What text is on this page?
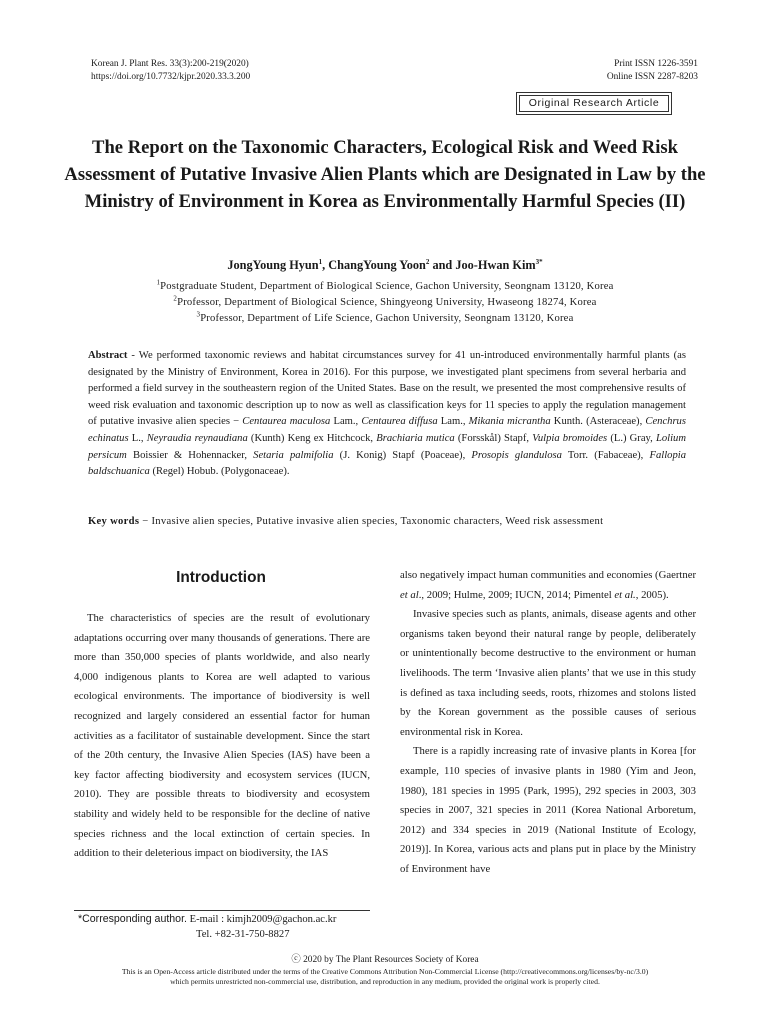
Korean J. Plant Res. 33(3):200-219(2020)
https://doi.org/10.7732/kjpr.2020.33.3.200
Print ISSN 1226-3591
Online ISSN 2287-8203
Original Research Article
The Report on the Taxonomic Characters, Ecological Risk and Weed Risk Assessment of Putative Invasive Alien Plants which are Designated in Law by the Ministry of Environment in Korea as Environmentally Harmful Species (II)
JongYoung Hyun$^1$, ChangYoung Yoon$^2$ and Joo-Hwan Kim$^{3*}$
$^1$Postgraduate Student, Department of Biological Science, Gachon University, Seongnam 13120, Korea
$^2$Professor, Department of Biological Science, Shingyeong University, Hwaseong 18274, Korea
$^3$Professor, Department of Life Science, Gachon University, Seongnam 13120, Korea
Abstract - We performed taxonomic reviews and habitat circumstances survey for 41 un-introduced environmentally harmful plants (as designated by the Ministry of Environment, Korea in 2016). For this purpose, we investigated plant specimens from several herbaria and performed a field survey in the southeastern region of the United States. Base on the result, we presented the most comprehensive results of weed risk evaluation and taxonomic description up to now as well as classification keys for 11 species to apply the regulation management of putative invasive alien species − Centaurea maculosa Lam., Centaurea diffusa Lam., Mikania micrantha Kunth. (Asteraceae), Cenchrus echinatus L., Neyraudia reynaudiana (Kunth) Keng ex Hitchcock, Brachiaria mutica (Forsskål) Stapf, Vulpia bromoides (L.) Gray, Lolium persicum Boissier & Hohennacker, Setaria palmifolia (J. Konig) Stapf (Poaceae), Prosopis glandulosa Torr. (Fabaceae), Fallopia baldschuanica (Regel) Hobub. (Polygonaceae).
Key words − Invasive alien species, Putative invasive alien species, Taxonomic characters, Weed risk assessment
Introduction

The characteristics of species are the result of evolutionary adaptations occurring over many thousands of generations. There are more than 350,000 species of plants worldwide, and also nearly 4,000 indigenous plants to Korea are well adapted to various ecological environments. The importance of biodiversity is well recognized and largely considered an essential factor for human activities as a facilitator of sustainable development. Since the start of the 20th century, the Invasive Alien Species (IAS) have been a key factor affecting biodiversity and ecosystem services (IUCN, 2010). They are possible threats to biodiversity and ecosystem stability and widely held to be responsible for the decline of native species richness and the local extinction of certain species. In addition to their deleterious impact on biodiversity, the IAS

also negatively impact human communities and economies (Gaertner et al., 2009; Hulme, 2009; IUCN, 2014; Pimentel et al., 2005).

Invasive species such as plants, animals, disease agents and other organisms taken beyond their natural range by people, deliberately or unintentionally become destructive to the environment or human livelihoods. The term ‘Invasive alien plants’ that we use in this study is defined as taxa including seeds, roots, rhizomes and stolons listed by the Korean government as the possible causes of serious environmental risk in Korea.

There is a rapidly increasing rate of invasive plants in Korea [for example, 110 species of invasive plants in 1980 (Yim and Jeon, 1980), 181 species in 1995 (Park, 1995), 292 species in 2003, 303 species in 2007, 321 species in 2011 (Korea National Arboretum, 2012) and 334 species in 2019 (National Institute of Ecology, 2019)]. In Korea, various acts and plans put in place by the Ministry of Environment have

*Corresponding author. E-mail : kimjh2009@gachon.ac.kr
Tel. +82-31-750-8827
ⓒ 2020 by The Plant Resources Society of Korea
This is an Open-Access article distributed under the terms of the Creative Commons Attribution Non-Commercial License (http://creativecommons.org/licenses/by-nc/3.0)
which permits unrestricted non-commercial use, distribution, and reproduction in any medium, provided the original work is properly cited.
